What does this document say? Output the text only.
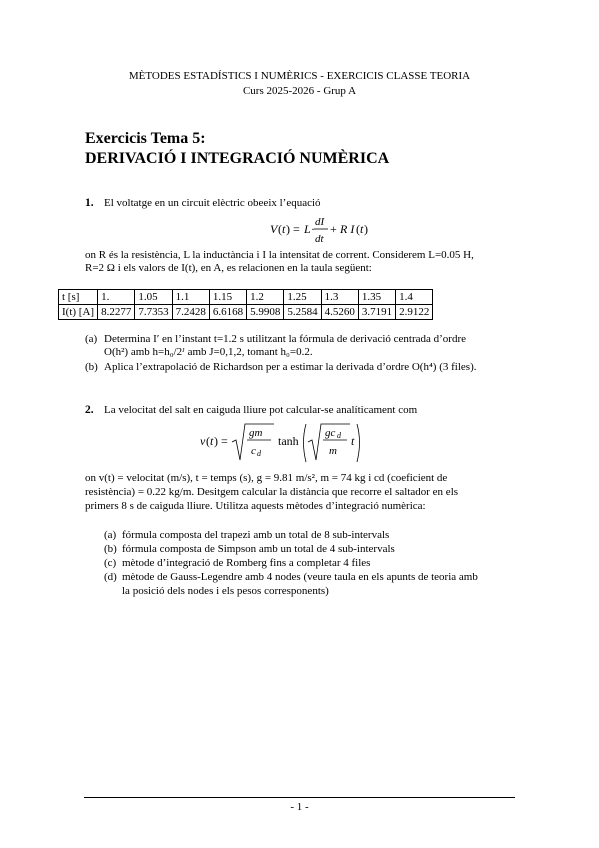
MÈTODES ESTADÍSTICS I NUMÈRICS - EXERCICIS CLASSE TEORIA
Curs 2025-2026 - Grup A
Exercicis Tema 5:
DERIVACIÓ I INTEGRACIÓ NUMÈRICA
1. El voltatge en un circuit elèctric obeeix l’equació
V ( t ) = L · dI
dt
+ R I ( t )
on R és la resistència, L la inductància i I la intensitat de corrent. Considerem L=0.05 H,
R=2 Ω i els valors de I(t), en A, es relacionen en la taula següent:
t [s]	1.	1.05	1.1	1.15	1.2	1.25	1.3	1.35	1.4
I(t) [A]	8.2277	7.7353	7.2428	6.6168	5.9908	5.2584	4.5260	3.7191	2.9122
(a) Determina I′ en l’instant t=1.2 s utilitzant la fórmula de derivació centrada d’ordre
O(h²) amb h=h₀/2ᴶ amb J=0,1,2, tomant h₀=0.2.
(b) Aplica l’extrapolació de Richardson per a estimar la derivada d’ordre O(h⁴) (3 files).
2. La velocitat del salt en caiguda lliure pot calcular-se analíticament com
v ( t ) =
gm
c d
tanh
gc d
m
t
on v(t) = velocitat (m/s), t = temps (s), g = 9.81 m/s², m = 74 kg i cd (coeficient de
resistència) = 0.22 kg/m. Desitgem calcular la distància que recorre el saltador en els
primers 8 s de caiguda lliure. Utilitza aquests mètodes d’integració numèrica:
(a) fórmula composta del trapezi amb un total de 8 sub-intervals
(b) fórmula composta de Simpson amb un total de 4 sub-intervals
(c) mètode d’integració de Romberg fins a completar 4 files
(d) mètode de Gauss-Legendre amb 4 nodes (veure taula en els apunts de teoria amb
la posició dels nodes i els pesos corresponents)
- 1 -
